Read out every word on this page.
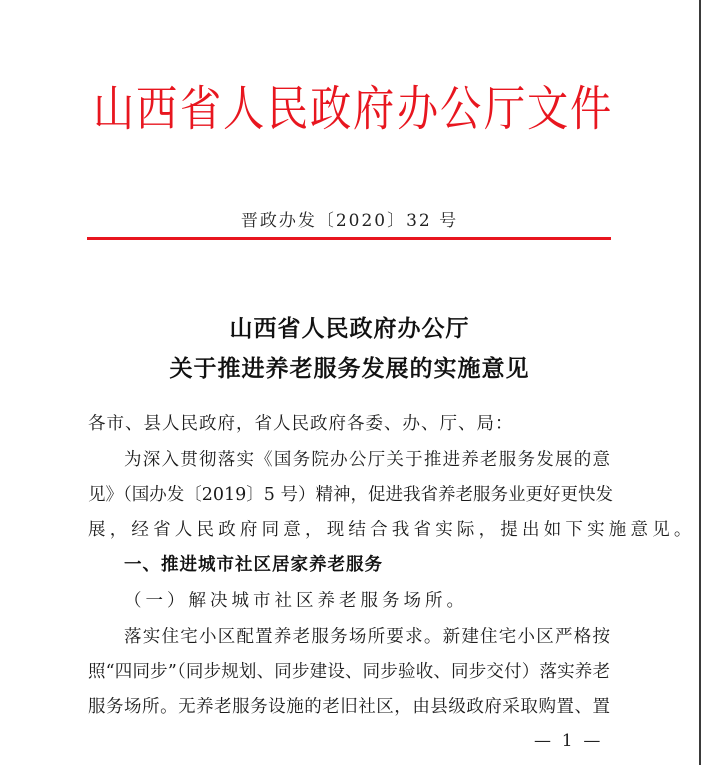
山 西 省 人 民 政 府 办 公 厅 文 件
晋政办发〔2020〕32 号
山西省人民政府办公厅
关于推进养老服务发展的实施意见
各市、县人民政府，省人民政府各委、办、厅、局：
为深入贯彻落实《国务院办公厅关于推进养老服务发展的意
见》（国办发〔2019〕5 号）精神，促进我省养老服务业更好更快发
展，经省人民政府同意，现结合我省实际，提出如下实施意见。
一、推进城市社区居家养老服务
（一）解决城市社区养老服务场所。
落实住宅小区配置养老服务场所要求。新建住宅小区严格按
照“四同步”（同步规划、同步建设、同步验收、同步交付）落实养老
服务场所。无养老服务设施的老旧社区，由县级政府采取购置、置
—  1  —
